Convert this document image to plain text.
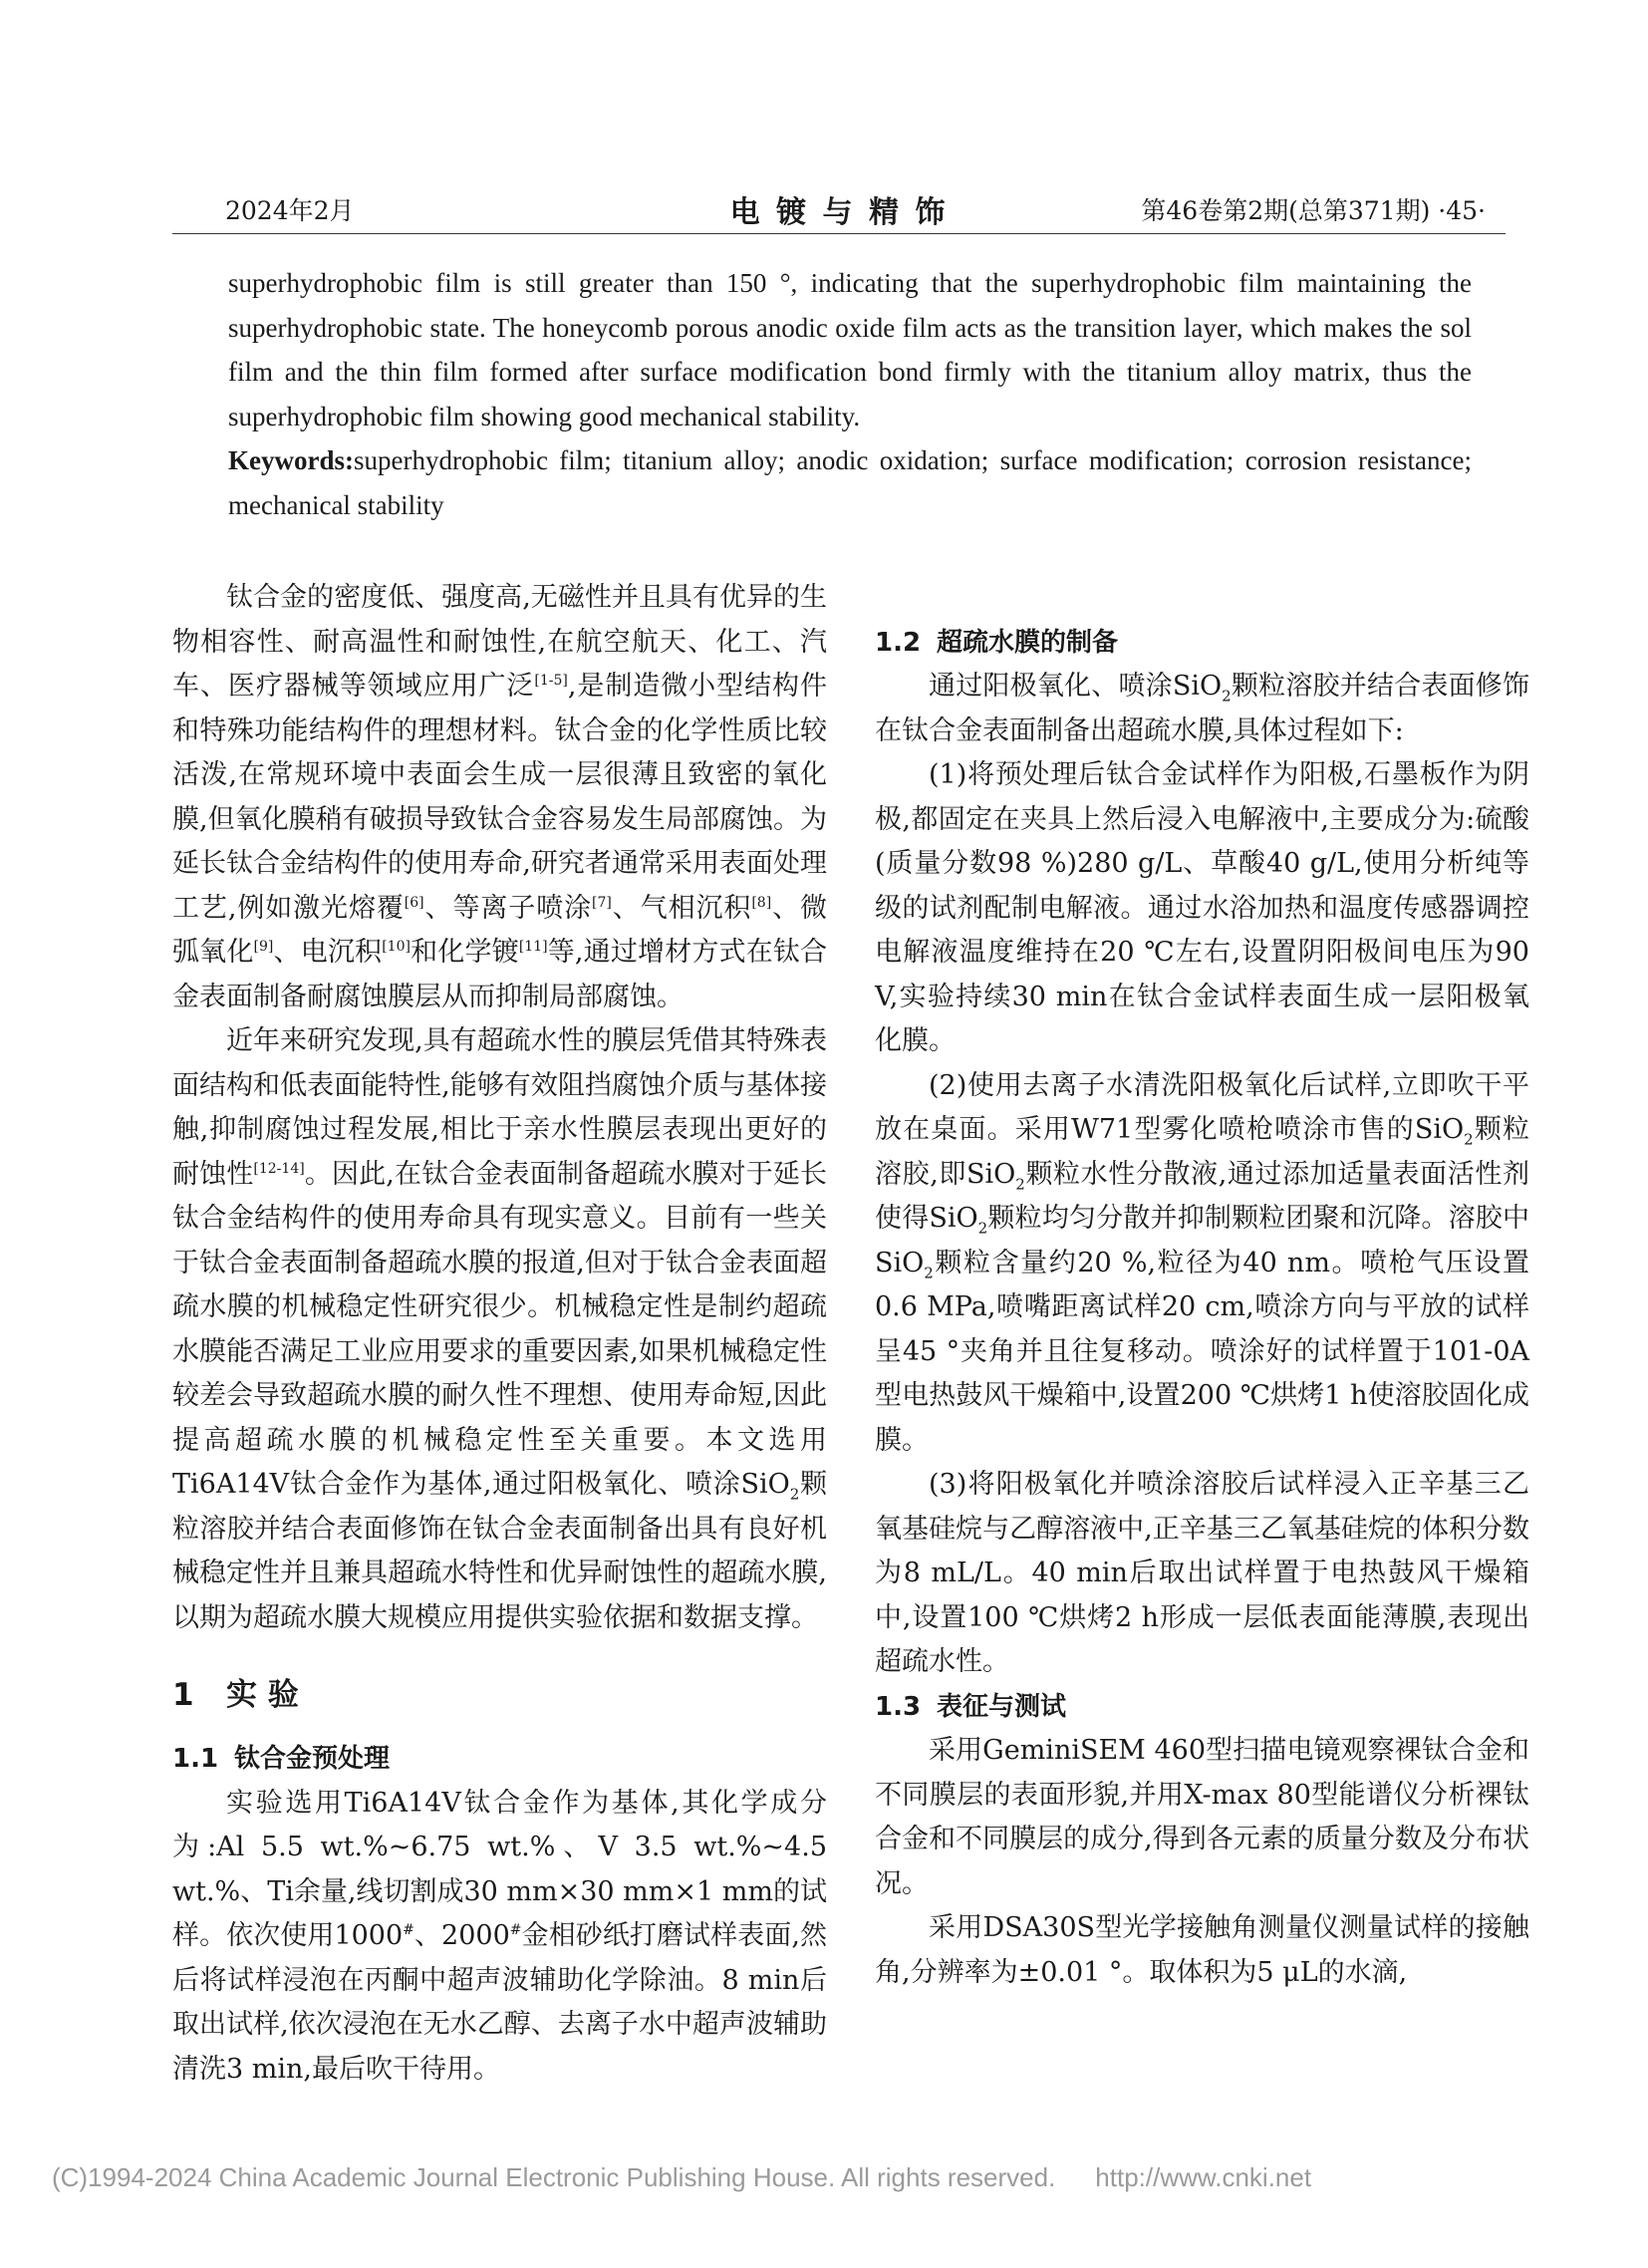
2024年2月	电 镀 与 精 饰	第46卷第2期(总第371期) ·45·

superhydrophobic film is still greater than 150 °, indicating that the superhydrophobic film maintaining the superhydrophobic state. The honeycomb porous anodic oxide film acts as the transition layer, which makes the sol film and the thin film formed after surface modification bond firmly with the titanium alloy matrix, thus the superhydrophobic film showing good mechanical stability.

Keywords:superhydrophobic film; titanium alloy; anodic oxidation; surface modification; corrosion resistance; mechanical stability

钛合金的密度低、强度高,无磁性并且具有优异的生物相容性、耐高温性和耐蚀性,在航空航天、化工、汽车、医疗器械等领域应用广泛[1-5],是制造微小型结构件和特殊功能结构件的理想材料。钛合金的化学性质比较活泼,在常规环境中表面会生成一层很薄且致密的氧化膜,但氧化膜稍有破损导致钛合金容易发生局部腐蚀。为延长钛合金结构件的使用寿命,研究者通常采用表面处理工艺,例如激光熔覆[6]、等离子喷涂[7]、气相沉积[8]、微弧氧化[9]、电沉积[10]和化学镀[11]等,通过增材方式在钛合金表面制备耐腐蚀膜层从而抑制局部腐蚀。

近年来研究发现,具有超疏水性的膜层凭借其特殊表面结构和低表面能特性,能够有效阻挡腐蚀介质与基体接触,抑制腐蚀过程发展,相比于亲水性膜层表现出更好的耐蚀性[12-14]。因此,在钛合金表面制备超疏水膜对于延长钛合金结构件的使用寿命具有现实意义。目前有一些关于钛合金表面制备超疏水膜的报道,但对于钛合金表面超疏水膜的机械稳定性研究很少。机械稳定性是制约超疏水膜能否满足工业应用要求的重要因素,如果机械稳定性较差会导致超疏水膜的耐久性不理想、使用寿命短,因此提高超疏水膜的机械稳定性至关重要。本文选用Ti6A14V钛合金作为基体,通过阳极氧化、喷涂SiO$_2$颗粒溶胶并结合表面修饰在钛合金表面制备出具有良好机械稳定性并且兼具超疏水特性和优异耐蚀性的超疏水膜,以期为超疏水膜大规模应用提供实验依据和数据支撑。

1 实 验
1.1 钛合金预处理

实验选用Ti6A14V钛合金作为基体,其化学成分为:Al 5.5 wt.%~6.75 wt.%、V 3.5 wt.%~4.5 wt.%、Ti余量,线切割成30 mm×30 mm×1 mm的试样。依次使用1000#、2000#金相砂纸打磨试样表面,然后将试样浸泡在丙酮中超声波辅助化学除油。8 min后取出试样,依次浸泡在无水乙醇、去离子水中超声波辅助清洗3 min,最后吹干待用。

1.2 超疏水膜的制备

通过阳极氧化、喷涂SiO$_2$颗粒溶胶并结合表面修饰在钛合金表面制备出超疏水膜,具体过程如下:

(1)将预处理后钛合金试样作为阳极,石墨板作为阴极,都固定在夹具上然后浸入电解液中,主要成分为:硫酸(质量分数98 %)280 g/L、草酸40 g/L,使用分析纯等级的试剂配制电解液。通过水浴加热和温度传感器调控电解液温度维持在20 ℃左右,设置阴阳极间电压为90 V,实验持续30 min在钛合金试样表面生成一层阳极氧化膜。

(2)使用去离子水清洗阳极氧化后试样,立即吹干平放在桌面。采用W71型雾化喷枪喷涂市售的SiO$_2$颗粒溶胶,即SiO$_2$颗粒水性分散液,通过添加适量表面活性剂使得SiO$_2$颗粒均匀分散并抑制颗粒团聚和沉降。溶胶中SiO$_2$颗粒含量约20 %,粒径为40 nm。喷枪气压设置0.6 MPa,喷嘴距离试样20 cm,喷涂方向与平放的试样呈45 °夹角并且往复移动。喷涂好的试样置于101-0A型电热鼓风干燥箱中,设置200 ℃烘烤1 h使溶胶固化成膜。

(3)将阳极氧化并喷涂溶胶后试样浸入正辛基三乙氧基硅烷与乙醇溶液中,正辛基三乙氧基硅烷的体积分数为8 mL/L。40 min后取出试样置于电热鼓风干燥箱中,设置100 ℃烘烤2 h形成一层低表面能薄膜,表现出超疏水性。

1.3 表征与测试

采用GeminiSEM 460型扫描电镜观察裸钛合金和不同膜层的表面形貌,并用X-max 80型能谱仪分析裸钛合金和不同膜层的成分,得到各元素的质量分数及分布状况。

采用DSA30S型光学接触角测量仪测量试样的接触角,分辨率为±0.01 °。取体积为5 μL的水滴,

(C)1994-2024 China Academic Journal Electronic Publishing House. All rights reserved. http://www.cnki.net
